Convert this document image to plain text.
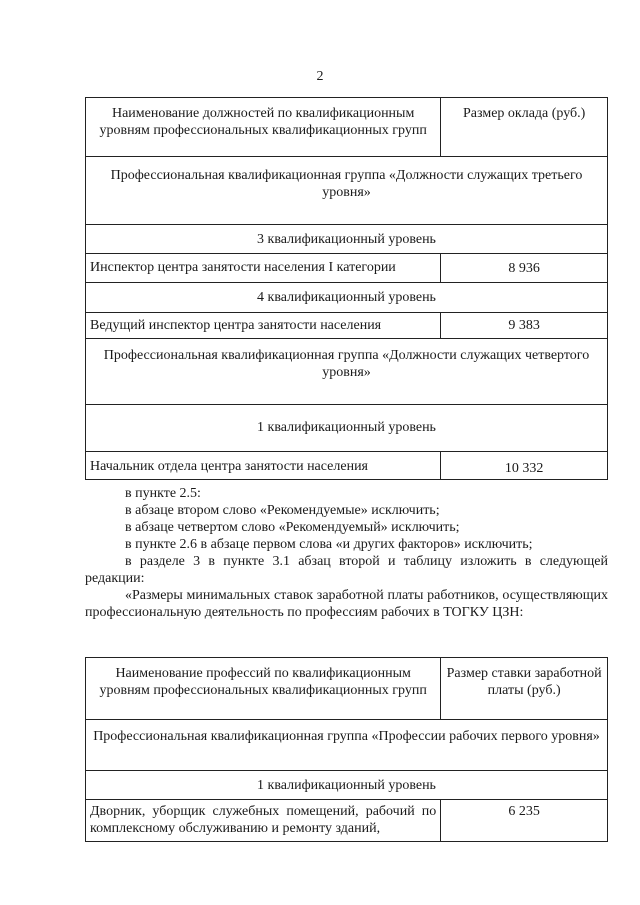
2
Наименование должностей по квалификационным уровням профессиональных квалификационных групп	Размер оклада (руб.)
Профессиональная квалификационная группа «Должности служащих третьего уровня»	
3 квалификационный уровень	
Инспектор центра занятости населения I категории	8 936
4 квалификационный уровень	
Ведущий инспектор центра занятости населения	9 383
Профессиональная квалификационная группа «Должности служащих четвертого уровня»	
1 квалификационный уровень	
Начальник отдела центра занятости населения	10 332

в пункте 2.5:

в абзаце втором слово «Рекомендуемые» исключить;

в абзаце четвертом слово «Рекомендуемый» исключить;

в пункте 2.6 в абзаце первом слова «и других факторов» исключить;

в разделе 3 в пункте 3.1 абзац второй и таблицу изложить в следующей редакции:

«Размеры минимальных ставок заработной платы работников, осуществляющих профессиональную деятельность по профессиям рабочих в ТОГКУ ЦЗН:

Наименование профессий по квалификационным уровням профессиональных квалификационных групп	Размер ставки заработной платы (руб.)
Профессиональная квалификационная группа «Профессии рабочих первого уровня»	
1 квалификационный уровень	
Дворник, уборщик служебных помещений, рабочий по комплексному обслуживанию и ремонту зданий,	6 235
